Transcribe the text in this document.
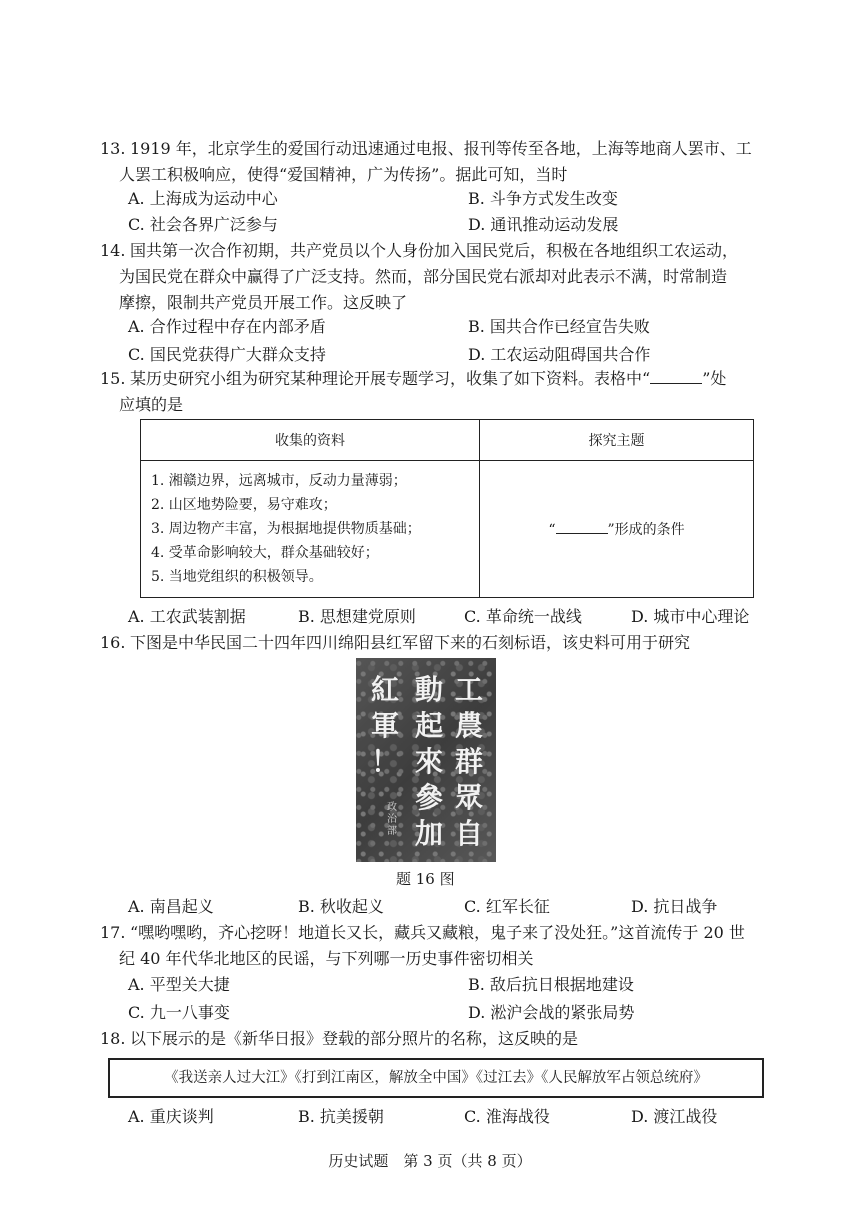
13. 1919 年，北京学生的爱国行动迅速通过电报、报刊等传至各地，上海等地商人罢市、工
人罢工积极响应，使得“爱国精神，广为传扬”。据此可知，当时
A. 上海成为运动中心	B. 斗争方式发生改变
C. 社会各界广泛参与	D. 通讯推动运动发展
14. 国共第一次合作初期，共产党员以个人身份加入国民党后，积极在各地组织工农运动，
为国民党在群众中赢得了广泛支持。然而，部分国民党右派却对此表示不满，时常制造
摩擦，限制共产党员开展工作。这反映了
A. 合作过程中存在内部矛盾	B. 国共合作已经宣告失败
C. 国民党获得广大群众支持	D. 工农运动阻碍国共合作
15. 某历史研究小组为研究某种理论开展专题学习，收集了如下资料。表格中“	”处
应填的是
收集的资料	探究主题

1. 湘赣边界，远离城市，反动力量薄弱；
2. 山区地势险要，易守难攻；
3. 周边物产丰富，为根据地提供物质基础；
4. 受革命影响较大，群众基础较好；
5. 当地党组织的积极领导。	“ ”形成的条件
A. 工农武装割据	B. 思想建党原则	C. 革命统一战线	D. 城市中心理论
16. 下图是中华民国二十四年四川绵阳县红军留下来的石刻标语，该史料可用于研究
工
農
群
眾
自
動
起
來
參
加
紅
軍
！
政
治
部
题 16 图
A. 南昌起义	B. 秋收起义	C. 红军长征	D. 抗日战争
17. “嘿哟嘿哟，齐心挖呀！地道长又长，藏兵又藏粮，鬼子来了没处狂。”这首流传于 20 世
纪 40 年代华北地区的民谣，与下列哪一历史事件密切相关
A. 平型关大捷	B. 敌后抗日根据地建设
C. 九一八事变	D. 淞沪会战的紧张局势
18. 以下展示的是《新华日报》登载的部分照片的名称，这反映的是
《我送亲人过大江》《打到江南区，解放全中国》《过江去》《人民解放军占领总统府》
A. 重庆谈判	B. 抗美援朝	C. 淮海战役	D. 渡江战役
历史试题　第 3 页（共 8 页）
